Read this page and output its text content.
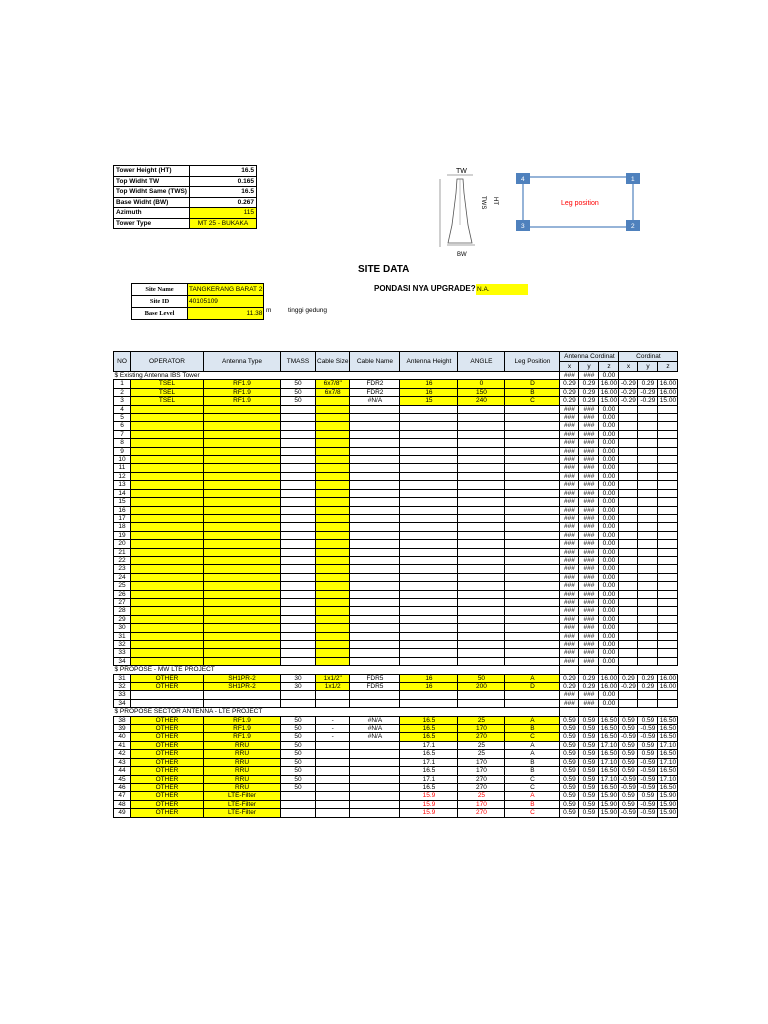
Tower Height (HT)	16.5
Top Widht TW	0.165
Top Widht Same (TWS)	16.5
Base Widht (BW)	0.267
Azimuth	115
Tower Type	MT 25 - BUKAKA
TW
TWS HT
BW
4	1
3	2
Leg position
SITE DATA
Site Name	TANGKERANG BARAT 2
Site ID	40105109
Base Level	11.38 m	tinggi gedung
PONDASI NYA UPGRADE? N.A.
NO	OPERATOR	Antenna Type	TMASS	Cable Size	Cable Name	Antenna Height	ANGLE	Leg Position	Antenna Cordinat			Cordinat		
									x	y	z	x	y	z
$ Existing Antenna IBS Tower									###	###	0.00			
1	TSEL	RF1.9	50	6x7/8"	FDR2	16	0	D	0.29	0.29	16.00	-0.29	0.29	16.00
2	TSEL	RF1.9	50	6x7/8	FDR2	16	150	B	0.29	0.29	16.00	-0.29	-0.29	16.00
3	TSEL	RF1.9	50		#N/A	15	240	C	0.29	0.29	15.00	-0.29	-0.29	15.00
4									###	###	0.00			
5									###	###	0.00			
6									###	###	0.00			
7									###	###	0.00			
8									###	###	0.00			
9									###	###	0.00			
10									###	###	0.00			
11									###	###	0.00			
12									###	###	0.00			
13									###	###	0.00			
14									###	###	0.00			
15									###	###	0.00			
16									###	###	0.00			
17									###	###	0.00			
18									###	###	0.00			
19									###	###	0.00			
20									###	###	0.00			
21									###	###	0.00			
22									###	###	0.00			
23									###	###	0.00			
24									###	###	0.00			
25									###	###	0.00			
26									###	###	0.00			
27									###	###	0.00			
28									###	###	0.00			
29									###	###	0.00			
30									###	###	0.00			
31									###	###	0.00			
32									###	###	0.00			
33									###	###	0.00			
34									###	###	0.00			
$ PROPOSE - MW LTE PROJECT														
31	OTHER	SH1PR-2	30	1x1/2"	FDR5	16	50	A	0.29	0.29	16.00	0.29	0.29	16.00
32	OTHER	SH1PR-2	30	1x1/2	FDR5	16	200	D	0.29	0.29	16.00	-0.29	0.29	16.00
33									###	###	0.00			
34									###	###	0.00			
$ PROPOSE SECTOR ANTENNA - LTE PROJECT														
38	OTHER	RF1.9	50	-	#N/A	16.5	25	A	0.59	0.59	16.50	0.59	0.59	16.50
39	OTHER	RF1.9	50	-	#N/A	16.5	170	B	0.59	0.59	16.50	0.59	-0.59	16.50
40	OTHER	RF1.9	50	-	#N/A	16.5	270	C	0.59	0.59	16.50	-0.59	-0.59	16.50
41	OTHER	RRU	50			17.1	25	A	0.59	0.59	17.10	0.59	0.59	17.10
42	OTHER	RRU	50			16.5	25	A	0.59	0.59	16.50	0.59	0.59	16.50
43	OTHER	RRU	50			17.1	170	B	0.59	0.59	17.10	0.59	-0.59	17.10
44	OTHER	RRU	50			16.5	170	B	0.59	0.59	16.50	0.59	-0.59	16.50
45	OTHER	RRU	50			17.1	270	C	0.59	0.59	17.10	-0.59	-0.59	17.10
46	OTHER	RRU	50			16.5	270	C	0.59	0.59	16.50	-0.59	-0.59	16.50
47	OTHER	LTE-Filter				15.9	25	A	0.59	0.59	15.90	0.59	0.59	15.90
48	OTHER	LTE-Filter				15.9	170	B	0.59	0.59	15.90	0.59	-0.59	15.90
49	OTHER	LTE-Filter				15.9	270	C	0.59	0.59	15.90	-0.59	-0.59	15.90
